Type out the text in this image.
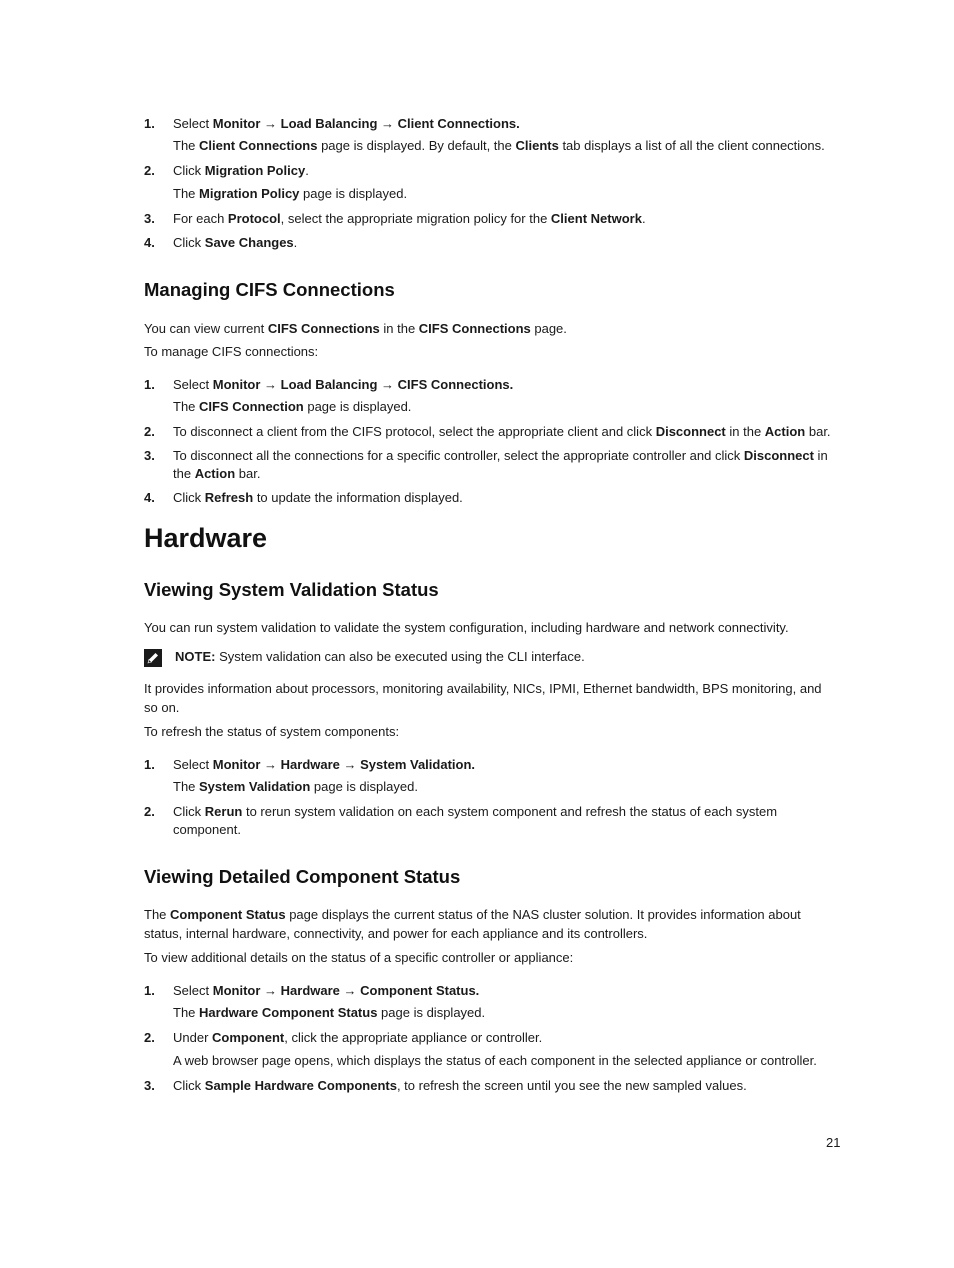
1. Select Monitor → Load Balancing → Client Connections.
The Client Connections page is displayed. By default, the Clients tab displays a list of all the client connections.
2. Click Migration Policy.
The Migration Policy page is displayed.
3. For each Protocol, select the appropriate migration policy for the Client Network.
4. Click Save Changes.
Managing CIFS Connections
You can view current CIFS Connections in the CIFS Connections page.
To manage CIFS connections:
1. Select Monitor → Load Balancing → CIFS Connections.
The CIFS Connection page is displayed.
2. To disconnect a client from the CIFS protocol, select the appropriate client and click Disconnect in the Action bar.
3. To disconnect all the connections for a specific controller, select the appropriate controller and click Disconnect in the Action bar.
4. Click Refresh to update the information displayed.
Hardware
Viewing System Validation Status
You can run system validation to validate the system configuration, including hardware and network connectivity.
NOTE: System validation can also be executed using the CLI interface.
It provides information about processors, monitoring availability, NICs, IPMI, Ethernet bandwidth, BPS monitoring, and so on.
To refresh the status of system components:
1. Select Monitor → Hardware → System Validation.
The System Validation page is displayed.
2. Click Rerun to rerun system validation on each system component and refresh the status of each system component.
Viewing Detailed Component Status
The Component Status page displays the current status of the NAS cluster solution. It provides information about status, internal hardware, connectivity, and power for each appliance and its controllers.
To view additional details on the status of a specific controller or appliance:
1. Select Monitor → Hardware → Component Status.
The Hardware Component Status page is displayed.
2. Under Component, click the appropriate appliance or controller.
A web browser page opens, which displays the status of each component in the selected appliance or controller.
3. Click Sample Hardware Components, to refresh the screen until you see the new sampled values.
21
